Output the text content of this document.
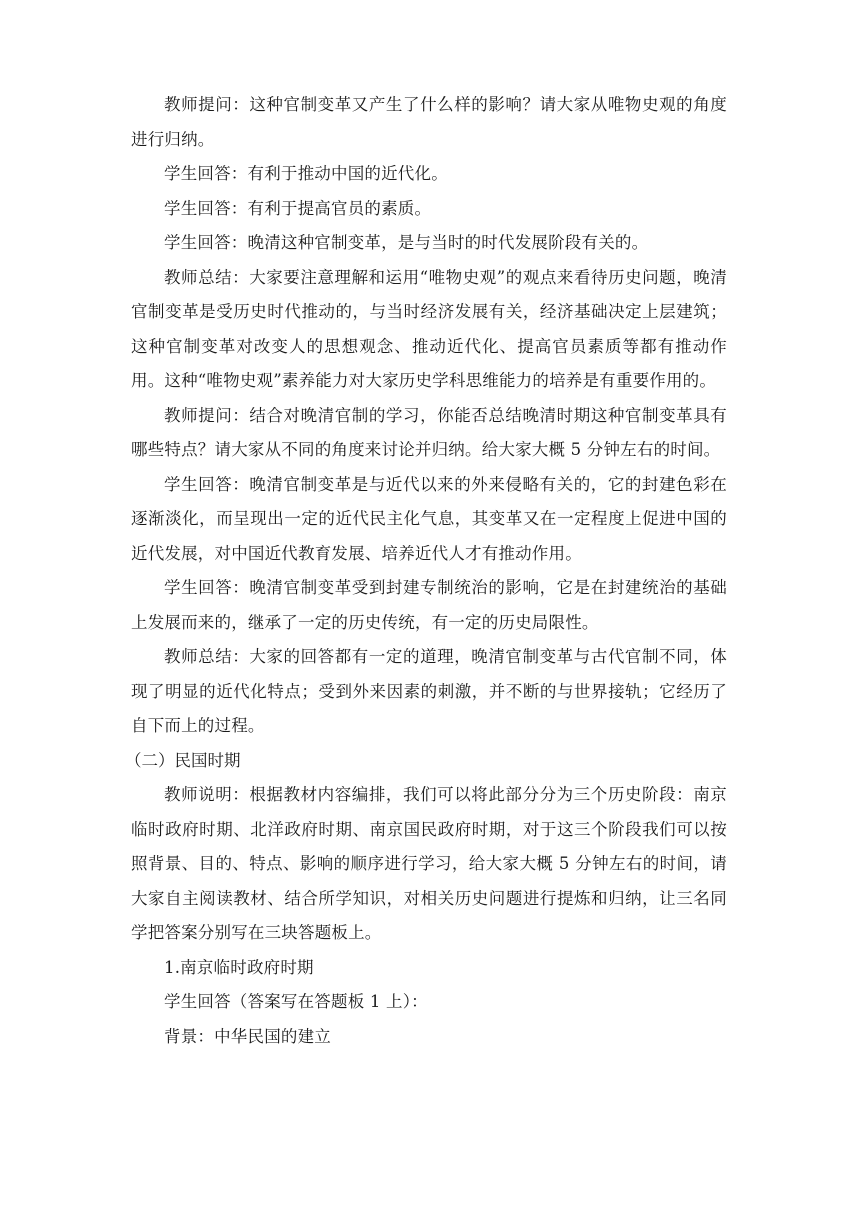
教师提问：这种官制变革又产生了什么样的影响？请大家从唯物史观的角度进行归纳。

学生回答：有利于推动中国的近代化。

学生回答：有利于提高官员的素质。

学生回答：晚清这种官制变革，是与当时的时代发展阶段有关的。

教师总结：大家要注意理解和运用“唯物史观”的观点来看待历史问题，晚清官制变革是受历史时代推动的，与当时经济发展有关，经济基础决定上层建筑；这种官制变革对改变人的思想观念、推动近代化、提高官员素质等都有推动作用。这种“唯物史观”素养能力对大家历史学科思维能力的培养是有重要作用的。

教师提问：结合对晚清官制的学习，你能否总结晚清时期这种官制变革具有哪些特点？请大家从不同的角度来讨论并归纳。给大家大概 5 分钟左右的时间。

学生回答：晚清官制变革是与近代以来的外来侵略有关的，它的封建色彩在逐渐淡化，而呈现出一定的近代民主化气息，其变革又在一定程度上促进中国的近代发展，对中国近代教育发展、培养近代人才有推动作用。

学生回答：晚清官制变革受到封建专制统治的影响，它是在封建统治的基础上发展而来的，继承了一定的历史传统，有一定的历史局限性。

教师总结：大家的回答都有一定的道理，晚清官制变革与古代官制不同，体现了明显的近代化特点；受到外来因素的刺激，并不断的与世界接轨；它经历了自下而上的过程。

（二）民国时期

教师说明：根据教材内容编排，我们可以将此部分分为三个历史阶段：南京临时政府时期、北洋政府时期、南京国民政府时期，对于这三个阶段我们可以按照背景、目的、特点、影响的顺序进行学习，给大家大概 5 分钟左右的时间，请大家自主阅读教材、结合所学知识，对相关历史问题进行提炼和归纳，让三名同学把答案分别写在三块答题板上。

1.南京临时政府时期

学生回答（答案写在答题板 1 上）：

背景：中华民国的建立
